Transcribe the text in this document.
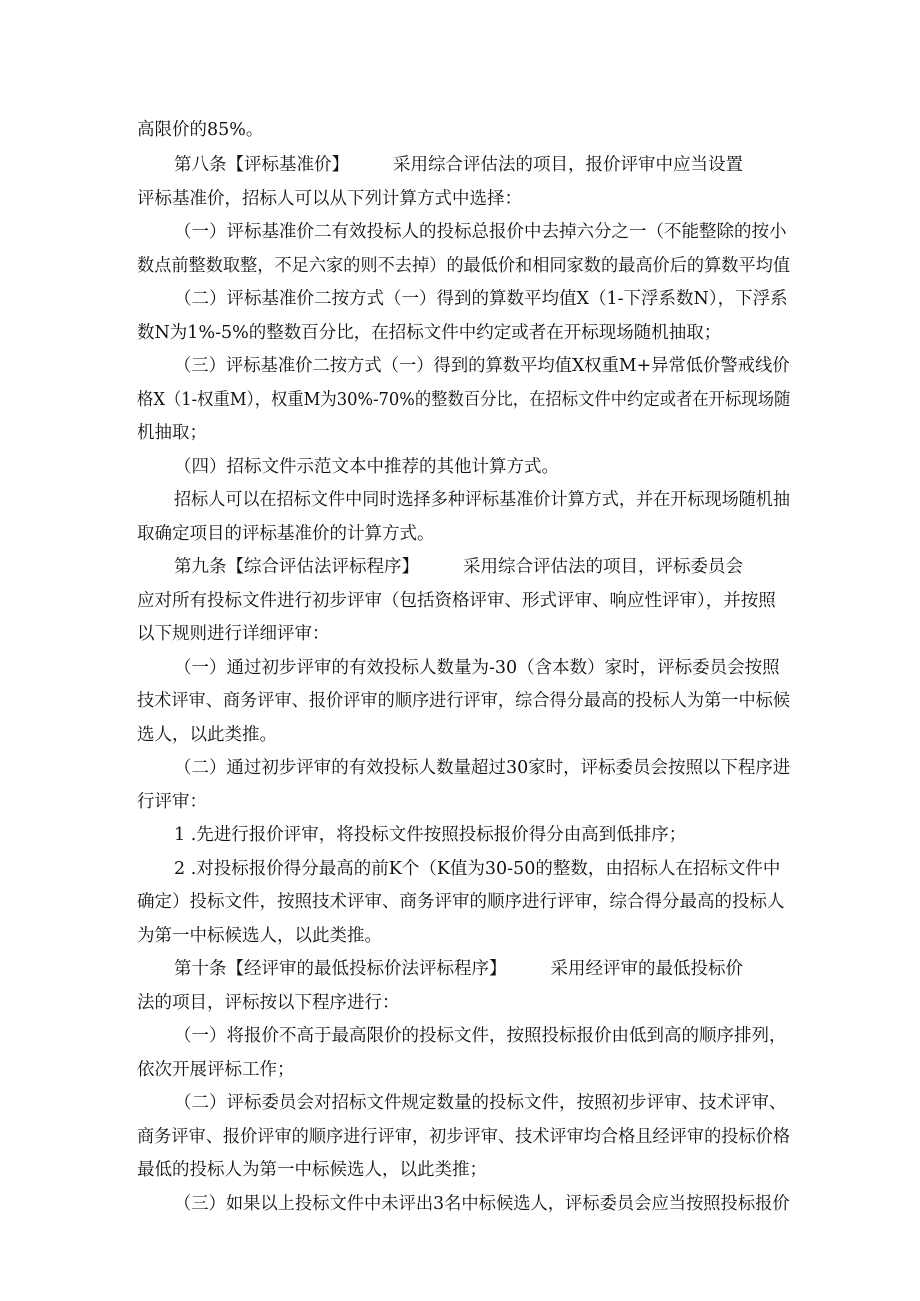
高限价的85%。
第八条【评标基准价】	采用综合评估法的项目，报价评审中应当设置
评标基准价，招标人可以从下列计算方式中选择：
（一）评标基准价二有效投标人的投标总报价中去掉六分之一（不能整除的按小
数点前整数取整，不足六家的则不去掉）的最低价和相同家数的最高价后的算数平均值
（二）评标基准价二按方式（一）得到的算数平均值X（1-下浮系数N），下浮系
数N为1%-5%的整数百分比，在招标文件中约定或者在开标现场随机抽取；
（三）评标基准价二按方式（一）得到的算数平均值X权重M+异常低价警戒线价
格X（1-权重M），权重M为30%-70%的整数百分比，在招标文件中约定或者在开标现场随
机抽取；
（四）招标文件示范文本中推荐的其他计算方式。
招标人可以在招标文件中同时选择多种评标基准价计算方式，并在开标现场随机抽
取确定项目的评标基准价的计算方式。
第九条【综合评估法评标程序】	采用综合评估法的项目，评标委员会
应对所有投标文件进行初步评审（包括资格评审、形式评审、响应性评审），并按照
以下规则进行详细评审：
（一）通过初步评审的有效投标人数量为-30（含本数）家时，评标委员会按照
技术评审、商务评审、报价评审的顺序进行评审，综合得分最高的投标人为第一中标候
选人，以此类推。
（二）通过初步评审的有效投标人数量超过30家时，评标委员会按照以下程序进
行评审：
1 .先进行报价评审，将投标文件按照投标报价得分由高到低排序；
2 .对投标报价得分最高的前K个（K值为30-50的整数，由招标人在招标文件中
确定）投标文件，按照技术评审、商务评审的顺序进行评审，综合得分最高的投标人
为第一中标候选人，以此类推。
第十条【经评审的最低投标价法评标程序】	采用经评审的最低投标价
法的项目，评标按以下程序进行：
（一）将报价不高于最高限价的投标文件，按照投标报价由低到高的顺序排列，
依次开展评标工作；
（二）评标委员会对招标文件规定数量的投标文件，按照初步评审、技术评审、
商务评审、报价评审的顺序进行评审，初步评审、技术评审均合格且经评审的投标价格
最低的投标人为第一中标候选人，以此类推；
（三）如果以上投标文件中未评出3名中标候选人，评标委员会应当按照投标报价
